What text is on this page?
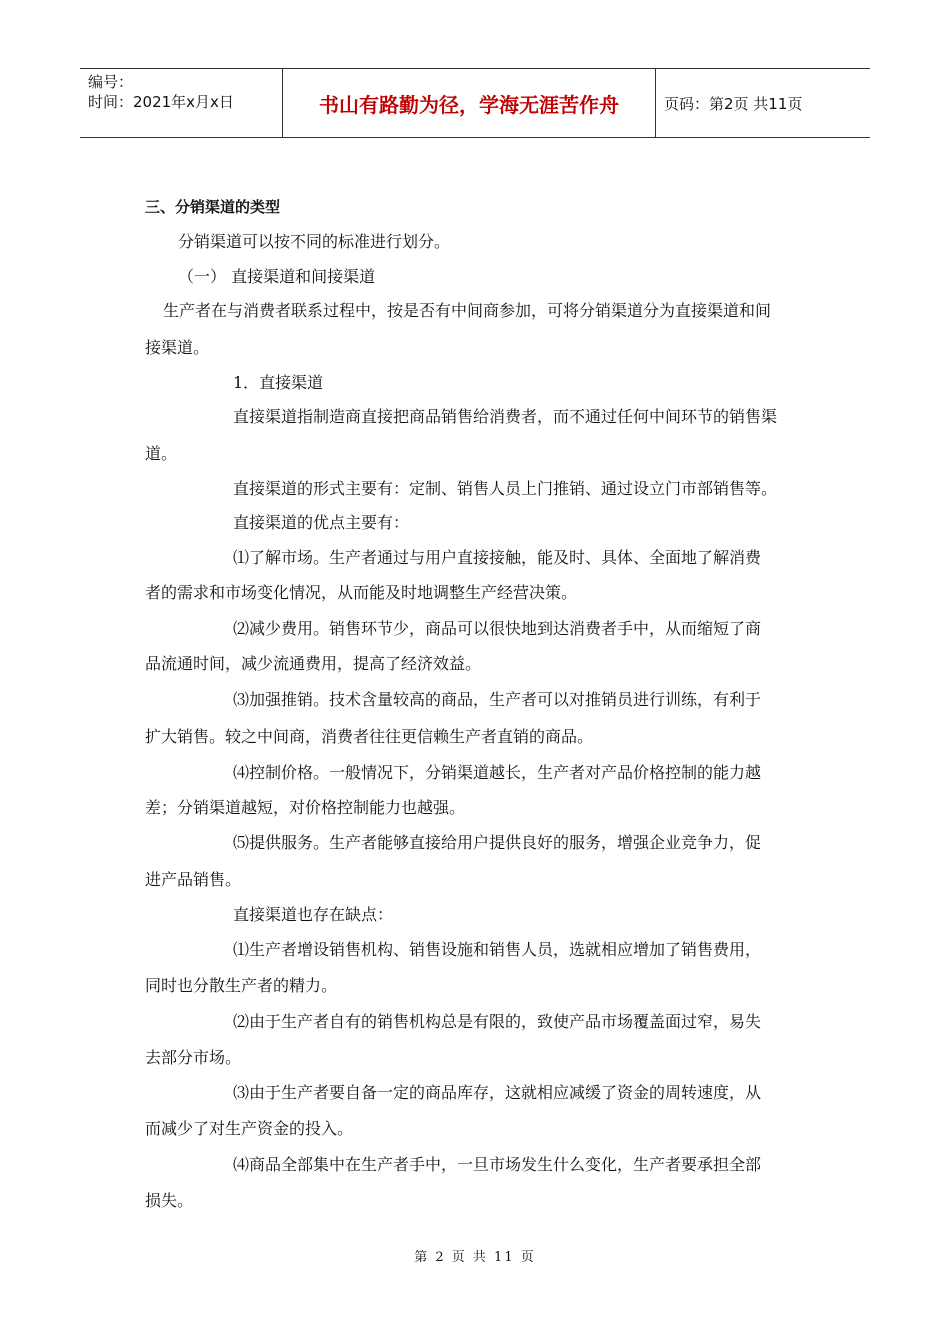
编号：
时间：2021年x月x日	书山有路勤为径，学海无涯苦作舟	页码：第2页 共11页
三、分销渠道的类型
分销渠道可以按不同的标准进行划分。
（一） 直接渠道和间接渠道
生产者在与消费者联系过程中，按是否有中间商参加，可将分销渠道分为直接渠道和间
接渠道。
1．直接渠道
直接渠道指制造商直接把商品销售给消费者，而不通过任何中间环节的销售渠
道。
直接渠道的形式主要有：定制、销售人员上门推销、通过设立门市部销售等。
直接渠道的优点主要有：
⑴了解市场。生产者通过与用户直接接触，能及时、具体、全面地了解消费
者的需求和市场变化情况，从而能及时地调整生产经营决策。
⑵减少费用。销售环节少，商品可以很快地到达消费者手中，从而缩短了商
品流通时间，减少流通费用，提高了经济效益。
⑶加强推销。技术含量较高的商品，生产者可以对推销员进行训练，有利于
扩大销售。较之中间商，消费者往往更信赖生产者直销的商品。
⑷控制价格。一般情况下，分销渠道越长，生产者对产品价格控制的能力越
差；分销渠道越短，对价格控制能力也越强。
⑸提供服务。生产者能够直接给用户提供良好的服务，增强企业竞争力，促
进产品销售。
直接渠道也存在缺点：
⑴生产者增设销售机构、销售设施和销售人员，选就相应增加了销售费用，
同时也分散生产者的精力。
⑵由于生产者自有的销售机构总是有限的，致使产品市场覆盖面过窄，易失
去部分市场。
⑶由于生产者要自备一定的商品库存，这就相应减缓了资金的周转速度，从
而减少了对生产资金的投入。
⑷商品全部集中在生产者手中，一旦市场发生什么变化，生产者要承担全部
损失。
第 2 页 共 11 页
